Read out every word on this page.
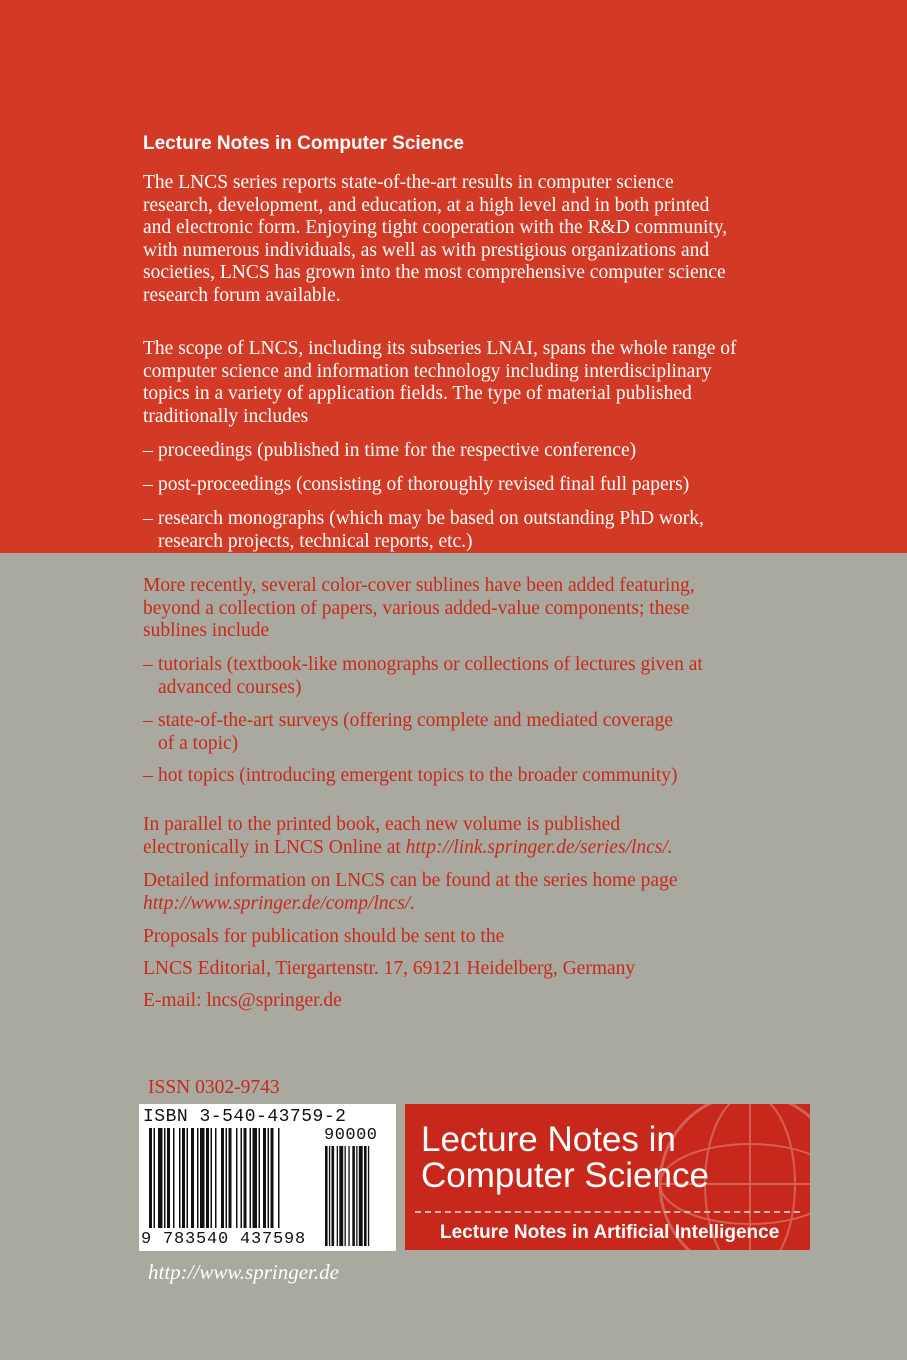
Lecture Notes in Computer Science
The LNCS series reports state-of-the-art results in computer science
research, development, and education, at a high level and in both printed
and electronic form. Enjoying tight cooperation with the R&D community,
with numerous individuals, as well as with prestigious organizations and
societies, LNCS has grown into the most comprehensive computer science
research forum available.
The scope of LNCS, including its subseries LNAI, spans the whole range of
computer science and information technology including interdisciplinary
topics in a variety of application fields. The type of material published
traditionally includes
– proceedings (published in time for the respective conference)
– post-proceedings (consisting of thoroughly revised final full papers)
– research monographs (which may be based on outstanding PhD work,
research projects, technical reports, etc.)
More recently, several color-cover sublines have been added featuring,
beyond a collection of papers, various added-value components; these
sublines include
– tutorials (textbook-like monographs or collections of lectures given at
advanced courses)
– state-of-the-art surveys (offering complete and mediated coverage
of a topic)
– hot topics (introducing emergent topics to the broader community)
In parallel to the printed book, each new volume is published
electronically in LNCS Online at http://link.springer.de/series/lncs/.
Detailed information on LNCS can be found at the series home page
http://www.springer.de/comp/lncs/.
Proposals for publication should be sent to the
LNCS Editorial, Tiergartenstr. 17, 69121 Heidelberg, Germany
E-mail: lncs@springer.de
ISSN 0302-9743
ISBN 3-540-43759-2
90000
9 783540 437598
Lecture Notes in
Computer Science
Lecture Notes in Artificial Intelligence
http://www.springer.de
